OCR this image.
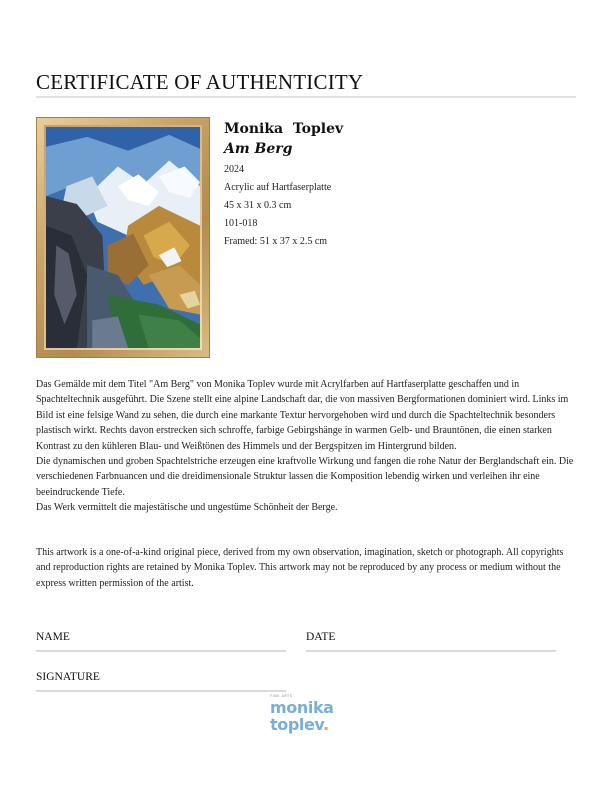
CERTIFICATE OF AUTHENTICITY
Monika  Toplev
Am Berg
2024
Acrylic auf Hartfaserplatte
45 x 31 x 0.3 cm
101-018
Framed: 51 x 37 x 2.5 cm
Das Gemälde mit dem Titel "Am Berg" von Monika Toplev wurde mit Acrylfarben auf Hartfaserplatte geschaffen und in Spachteltechnik ausgeführt. Die Szene stellt eine alpine Landschaft dar, die von massiven Bergformationen dominiert wird. Links im Bild ist eine felsige Wand zu sehen, die durch eine markante Textur hervorgehoben wird und durch die Spachteltechnik besonders plastisch wirkt. Rechts davon erstrecken sich schroffe, farbige Gebirgshänge in warmen Gelb- und Brauntönen, die einen starken Kontrast zu den kühleren Blau- und Weißtönen des Himmels und der Bergspitzen im Hintergrund bilden.
Die dynamischen und groben Spachtelstriche erzeugen eine kraftvolle Wirkung und fangen die rohe Natur der Berglandschaft ein. Die verschiedenen Farbnuancen und die dreidimensionale Struktur lassen die Komposition lebendig wirken und verleihen ihr eine beeindruckende Tiefe.
Das Werk vermittelt die majestätische und ungestüme Schönheit der Berge.
This artwork is a one-of-a-kind original piece, derived from my own observation, imagination, sketch or photograph. All copyrights and reproduction rights are retained by Monika Toplev. This artwork may not be reproduced by any process or medium without the express written permission of the artist.
NAME	DATE
SIGNATURE
FINE ARTS
monika
toplev.
